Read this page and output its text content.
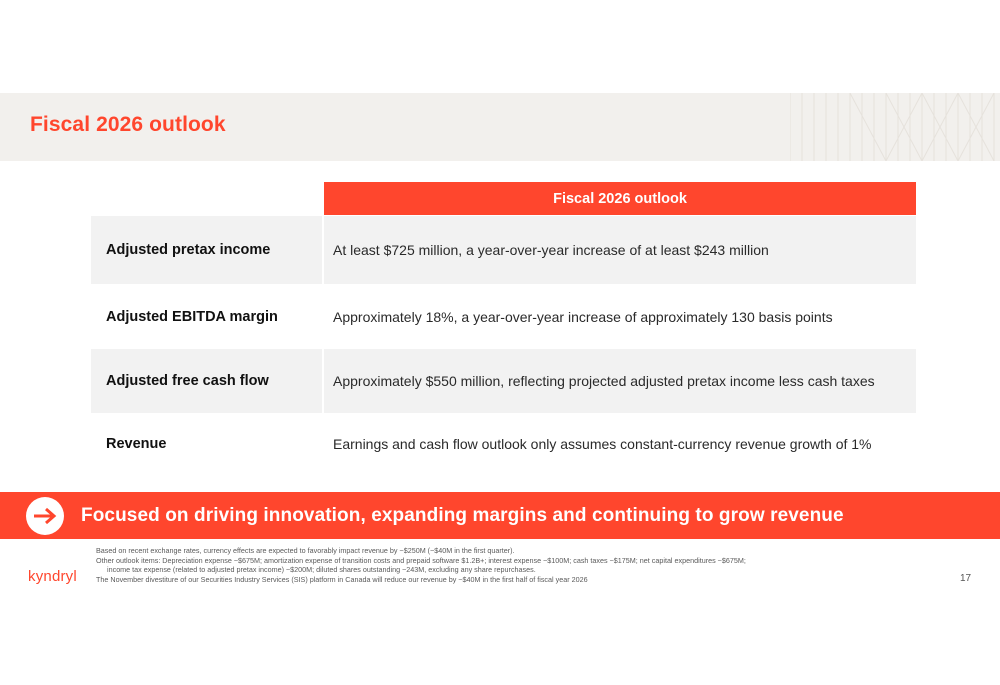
Fiscal 2026 outlook
Fiscal 2026 outlook
Adjusted pretax income	At least $725 million, a year-over-year increase of at least $243 million
Adjusted EBITDA margin	Approximately 18%, a year-over-year increase of approximately 130 basis points
Adjusted free cash flow	Approximately $550 million, reflecting projected adjusted pretax income less cash taxes
Revenue	Earnings and cash flow outlook only assumes constant-currency revenue growth of 1%
Focused on driving innovation, expanding margins and continuing to grow revenue
kyndryl
Based on recent exchange rates, currency effects are expected to favorably impact revenue by ~$250M (~$40M in the first quarter).
Other outlook items: Depreciation expense ~$675M; amortization expense of transition costs and prepaid software $1.2B+; interest expense ~$100M; cash taxes ~$175M; net capital expenditures ~$675M;
income tax expense (related to adjusted pretax income) ~$200M; diluted shares outstanding ~243M, excluding any share repurchases.
The November divestiture of our Securities Industry Services (SIS) platform in Canada will reduce our revenue by ~$40M in the first half of fiscal year 2026	17
